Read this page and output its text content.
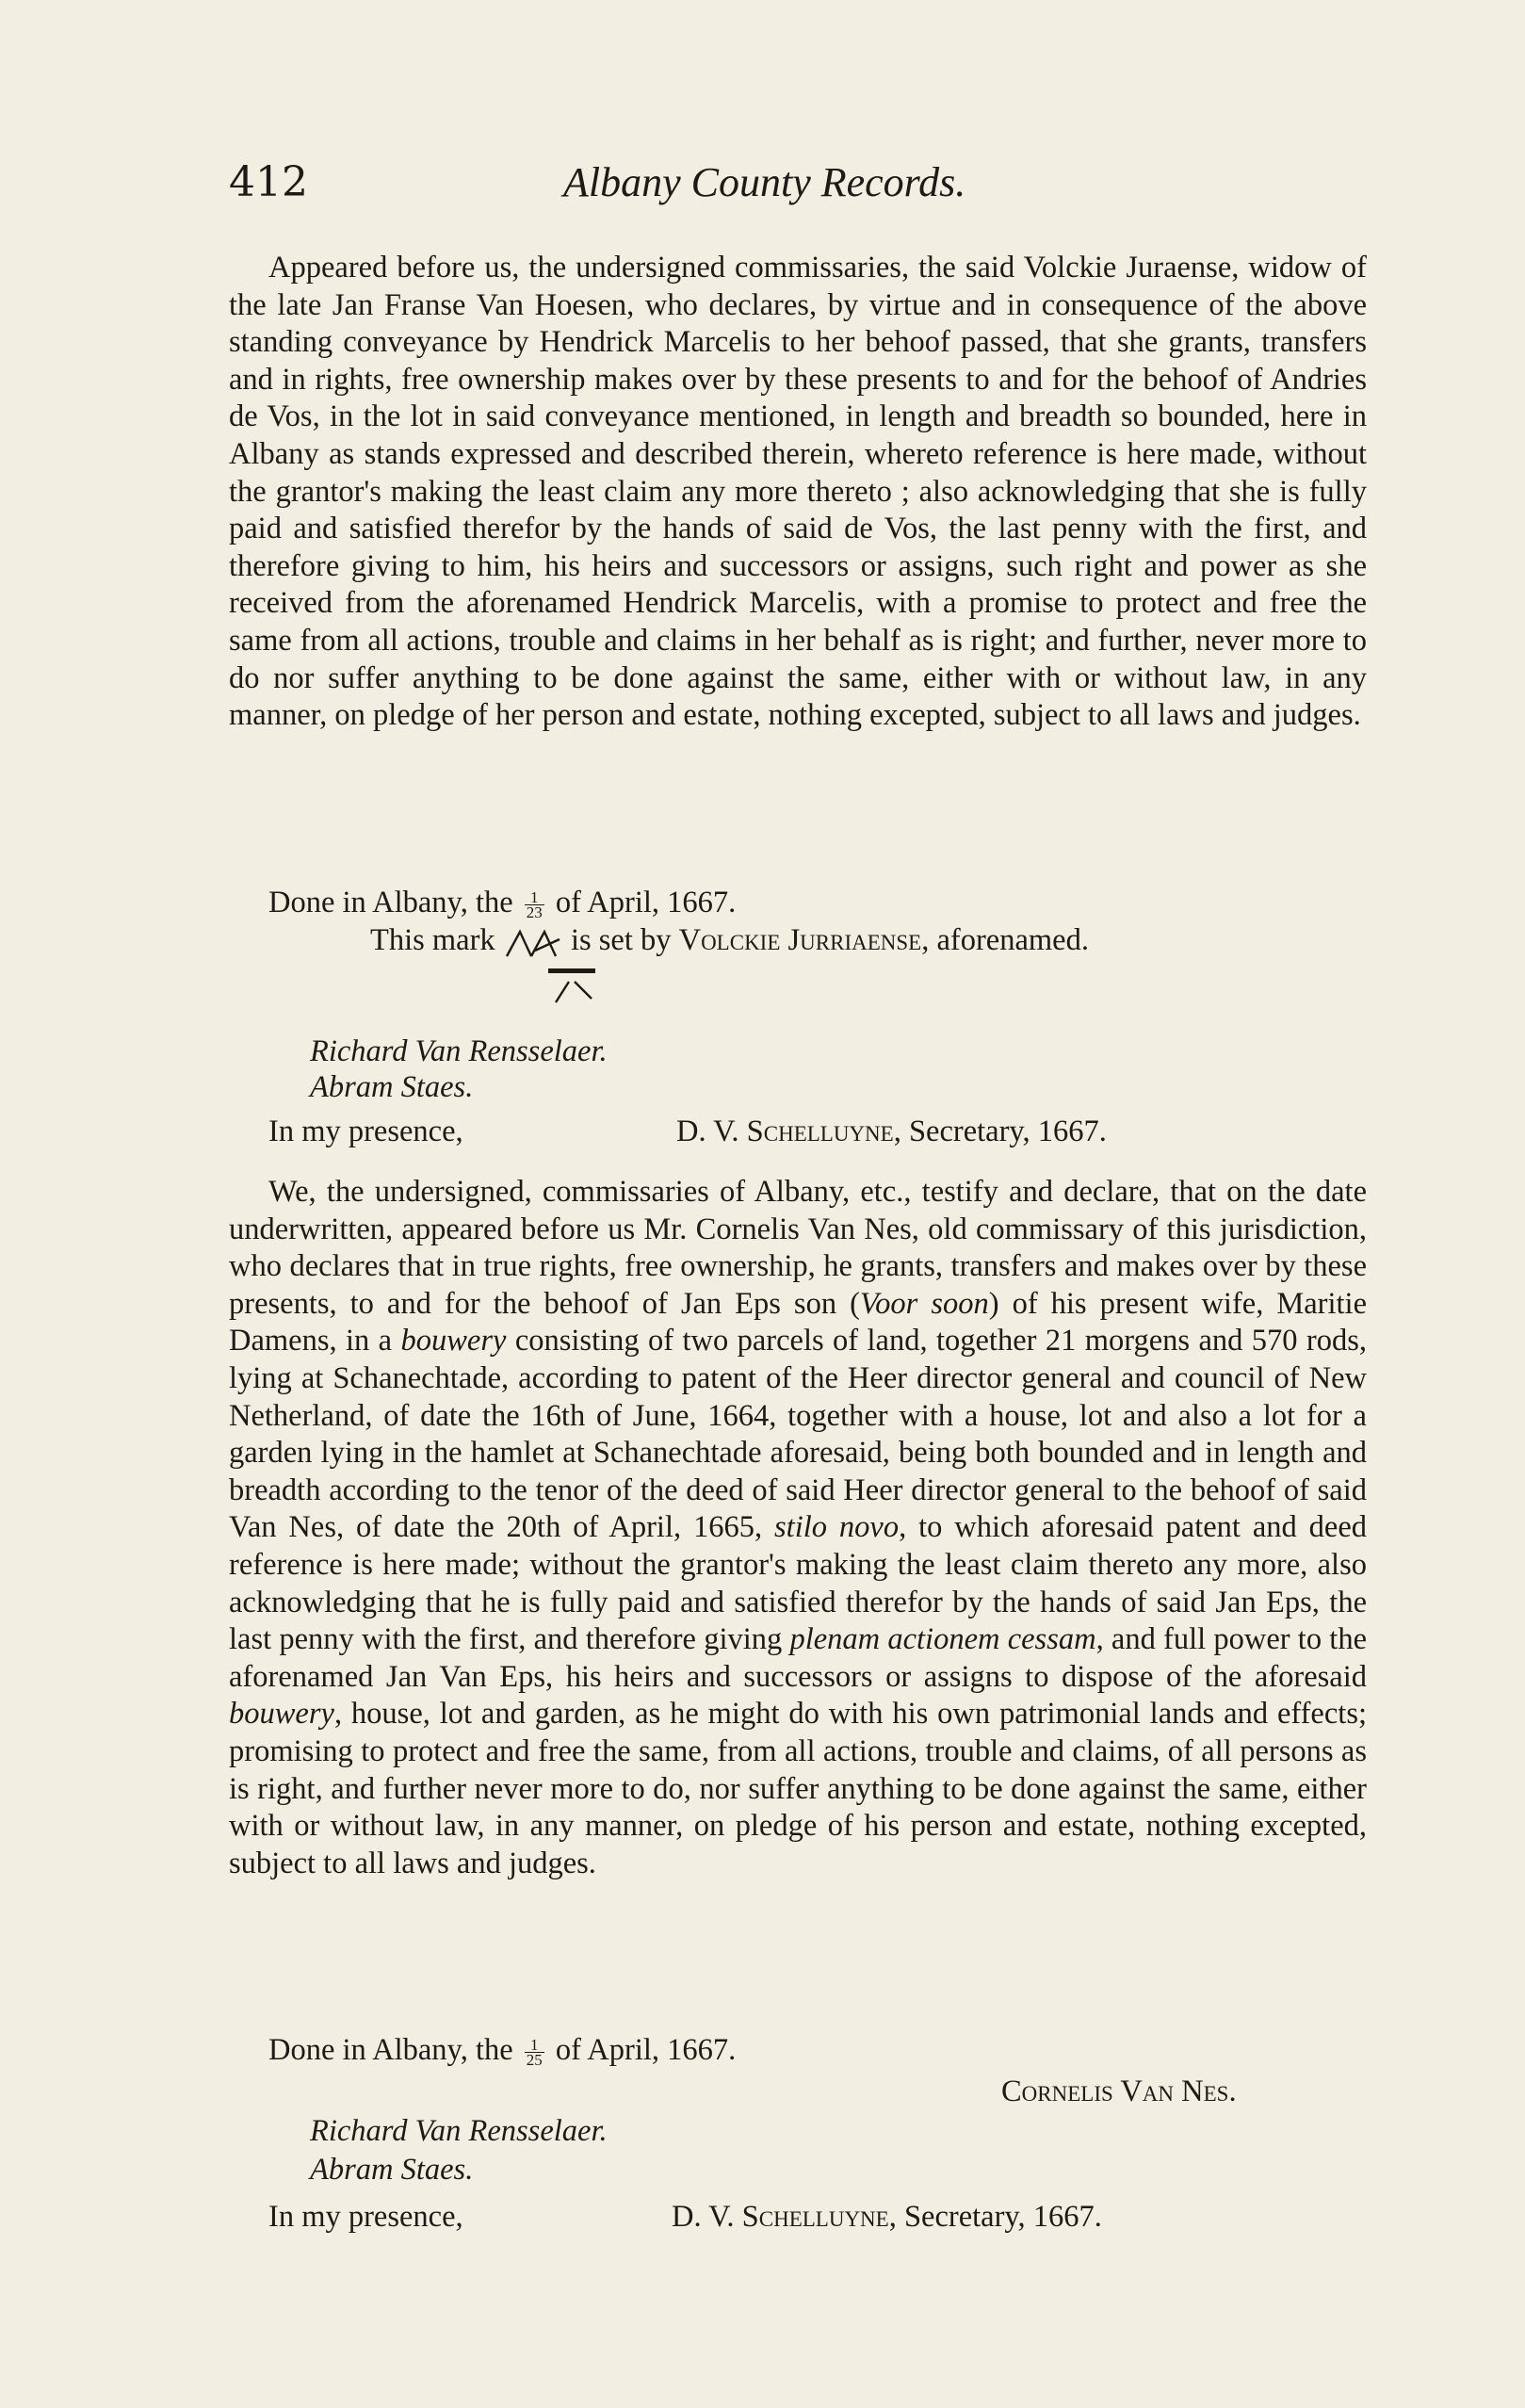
412	Albany County Records.

Appeared before us, the undersigned commissaries, the said Volckie Juraense, widow of the late Jan Franse Van Hoesen, who declares, by virtue and in consequence of the above standing conveyance by Hendrick Marcelis to her behoof passed, that she grants, transfers and in rights, free ownership makes over by these presents to and for the behoof of Andries de Vos, in the lot in said conveyance mentioned, in length and breadth so bounded, here in Albany as stands expressed and described therein, whereto reference is here made, without the grantor's making the least claim any more thereto ; also acknowledging that she is fully paid and satisfied therefor by the hands of said de Vos, the last penny with the first, and therefore giving to him, his heirs and successors or assigns, such right and power as she received from the aforenamed Hendrick Marcelis, with a promise to protect and free the same from all actions, trouble and claims in her behalf as is right; and further, never more to do nor suffer anything to be done against the same, either with or without law, in any manner, on pledge of her person and estate, nothing excepted, subject to all laws and judges.

Done in Albany, the $\frac{1}{23}$ of April, 1667.
This mark is set by Volckie Jurriaense, aforenamed.
Richard Van Rensselaer.
Abram Staes.
In my presence,	D. V. Schelluyne, Secretary, 1667.

We, the undersigned, commissaries of Albany, etc., testify and declare, that on the date underwritten, appeared before us Mr. Cornelis Van Nes, old commissary of this jurisdiction, who declares that in true rights, free ownership, he grants, transfers and makes over by these presents, to and for the behoof of Jan Eps son (Voor soon) of his present wife, Maritie Damens, in a bouwery consisting of two parcels of land, together 21 morgens and 570 rods, lying at Schanechtade, according to patent of the Heer director general and council of New Netherland, of date the 16th of June, 1664, together with a house, lot and also a lot for a garden lying in the hamlet at Schanechtade aforesaid, being both bounded and in length and breadth according to the tenor of the deed of said Heer director general to the behoof of said Van Nes, of date the 20th of April, 1665, stilo novo, to which aforesaid patent and deed reference is here made; without the grantor's making the least claim thereto any more, also acknowledging that he is fully paid and satisfied therefor by the hands of said Jan Eps, the last penny with the first, and therefore giving plenam actionem cessam, and full power to the aforenamed Jan Van Eps, his heirs and successors or assigns to dispose of the aforesaid bouwery, house, lot and garden, as he might do with his own patrimonial lands and effects; promising to protect and free the same, from all actions, trouble and claims, of all persons as is right, and further never more to do, nor suffer anything to be done against the same, either with or without law, in any manner, on pledge of his person and estate, nothing excepted, subject to all laws and judges.

Done in Albany, the $\frac{1}{25}$ of April, 1667.
Cornelis Van Nes.
Richard Van Rensselaer.
Abram Staes.
In my presence,	D. V. Schelluyne, Secretary, 1667.
